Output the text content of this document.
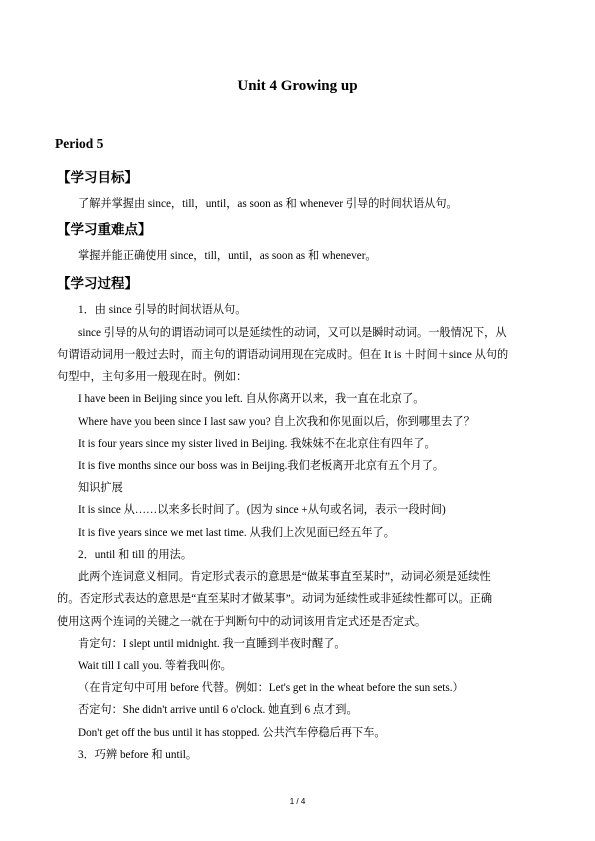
Unit 4 Growing up
Period 5
【学习目标】
了解并掌握由 since，till，until，as soon as 和 whenever 引导的时间状语从句。
【学习重难点】
掌握并能正确使用 since，till，until，as soon as 和 whenever。
【学习过程】
1．由 since 引导的时间状语从句。
since 引导的从句的谓语动词可以是延续性的动词，又可以是瞬时动词。一般情况下，从
句谓语动词用一般过去时，而主句的谓语动词用现在完成时。但在 It is ＋时间＋since 从句的
句型中，主句多用一般现在时。例如：
I have been in Beijing since you left. 自从你离开以来，我一直在北京了。
Where have you been since I last saw you? 自上次我和你见面以后，你到哪里去了？
It is four years since my sister lived in Beijing. 我妹妹不在北京住有四年了。
It is five months since our boss was in Beijing.我们老板离开北京有五个月了。
知识扩展
It is since 从……以来多长时间了。(因为 since +从句或名词，表示一段时间)
It is five years since we met last time. 从我们上次见面已经五年了。
2．until 和 till 的用法。
此两个连词意义相同。肯定形式表示的意思是“做某事直至某时”，动词必须是延续性
的。否定形式表达的意思是“直至某时才做某事”。动词为延续性或非延续性都可以。正确
使用这两个连词的关键之一就在于判断句中的动词该用肯定式还是否定式。
肯定句：I slept until midnight. 我一直睡到半夜时醒了。
Wait till I call you. 等着我叫你。
（在肯定句中可用 before 代替。例如：Let's get in the wheat before the sun sets.）
否定句：She didn't arrive until 6 o'clock. 她直到 6 点才到。
Don't get off the bus until it has stopped. 公共汽车停稳后再下车。
3．巧辨 before 和 until。
1 / 4
